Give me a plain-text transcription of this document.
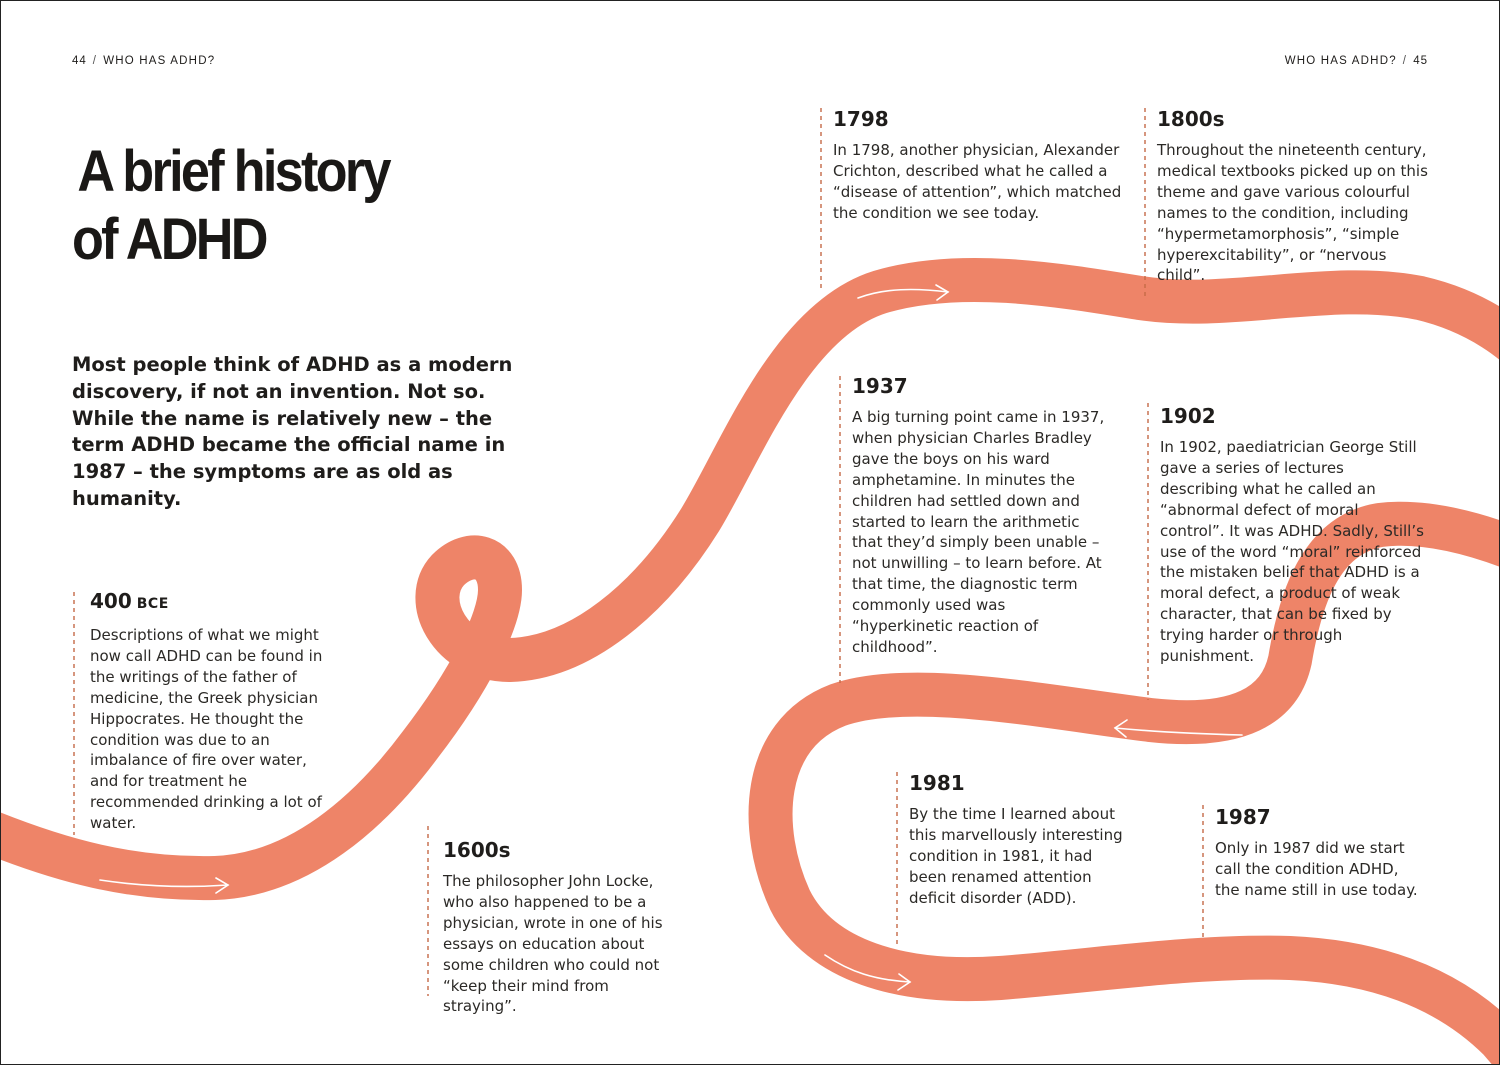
44 / WHO HAS ADHD?	WHO HAS ADHD? / 45
A brief history
of ADHD

Most people think of ADHD as a modern discovery, if not an invention. Not so. While the name is relatively new – the term ADHD became the official name in 1987 – the symptoms are as old as humanity.

400 BCE

Descriptions of what we might now call ADHD can be found in the writings of the father of medicine, the Greek physician Hippocrates. He thought the condition was due to an imbalance of fire over water, and for treatment he recommended drinking a lot of water.

1600s

The philosopher John Locke, who also happened to be a physician, wrote in one of his essays on education about some children who could not “keep their mind from straying”.

1798

In 1798, another physician, Alexander Crichton, described what he called a “disease of attention”, which matched the condition we see today.

1800s

Throughout the nineteenth century, medical textbooks picked up on this theme and gave various colourful names to the condition, including “hypermetamorphosis”, “simple hyperexcitability”, or “nervous child”.

1937

A big turning point came in 1937, when physician Charles Bradley gave the boys on his ward amphetamine. In minutes the children had settled down and started to learn the arithmetic that they’d simply been unable – not unwilling – to learn before. At that time, the diagnostic term commonly used was “hyperkinetic reaction of childhood”.

1902

In 1902, paediatrician George Still gave a series of lectures describing what he called an “abnormal defect of moral control”. It was ADHD. Sadly, Still’s use of the word “moral” reinforced the mistaken belief that ADHD is a moral defect, a product of weak character, that can be fixed by trying harder or through punishment.

1981

By the time I learned about this marvellously interesting condition in 1981, it had been renamed attention deficit disorder (ADD).

1987

Only in 1987 did we start call the condition ADHD, the name still in use today.
